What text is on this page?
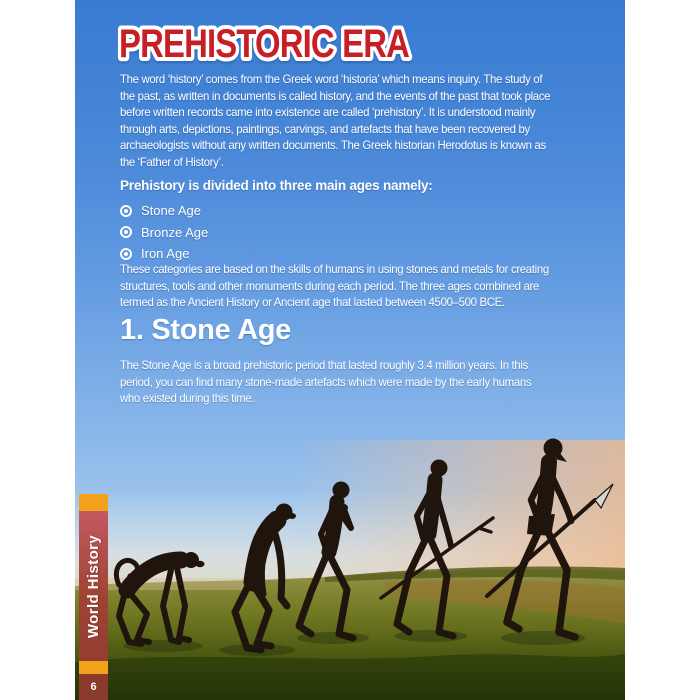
PREHISTORIC ERA
The word ‘history’ comes from the Greek word ‘historia’ which means inquiry. The study of
the past, as written in documents is called history, and the events of the past that took place
before written records came into existence are called ‘prehistory’. It is understood mainly
through arts, depictions, paintings, carvings, and artefacts that have been recovered by
archaeologists without any written documents. The Greek historian Herodotus is known as
the ‘Father of History’.
Prehistory is divided into three main ages namely:
Stone Age
Bronze Age
Iron Age
These categories are based on the skills of humans in using stones and metals for creating
structures, tools and other monuments during each period. The three ages combined are
termed as the Ancient History or Ancient age that lasted between 4500–500 BCE.
1. Stone Age
The Stone Age is a broad prehistoric period that lasted roughly 3.4 million years. In this
period, you can find many stone-made artefacts which were made by the early humans
who existed during this time.
World History
6
